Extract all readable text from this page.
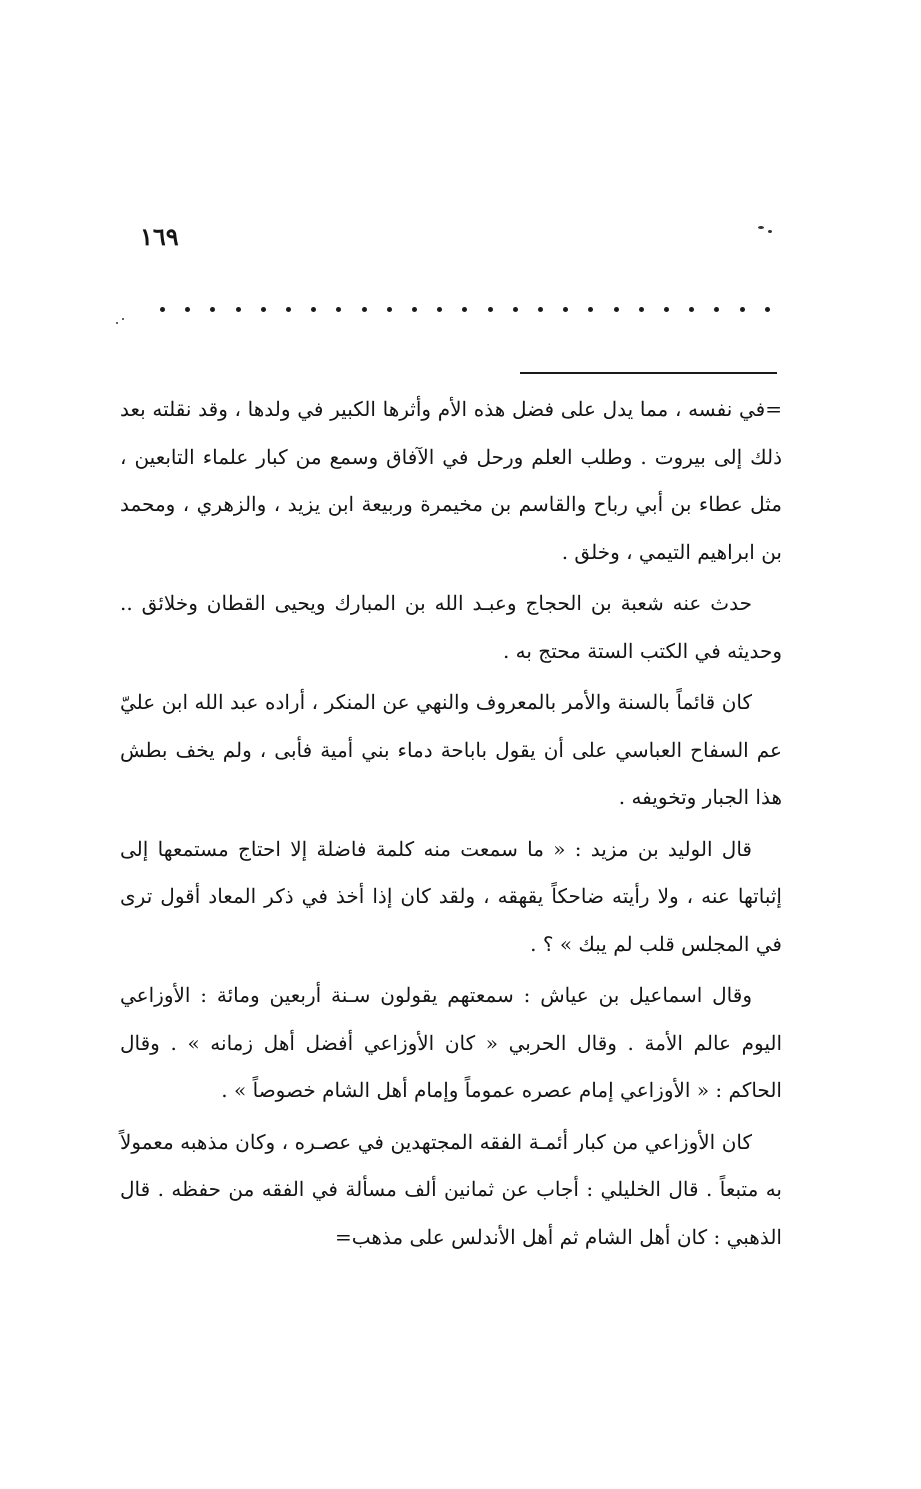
١٦٩

=في نفسه ، مما يدل على فضل هذه الأم وأثرها الكبير في ولدها ، وقد نقلته بعد ذلك إلى بيروت . وطلب العلم ورحل في الآفاق وسمع من كبار علماء التابعين ، مثل عطاء بن أبي رباح والقاسم بن مخيمرة وربيعة ابن يزيد ، والزهري ، ومحمد بن ابراهيم التيمي ، وخلق .

حدث عنه شعبة بن الحجاج وعبـد الله بن المبارك ويحيى القطان وخلائق .. وحديثه في الكتب الستة محتج به .

كان قائماً بالسنة والأمر بالمعروف والنهي عن المنكر ، أراده عبد الله ابن عليّ عم السفاح العباسي على أن يقول باباحة دماء بني أمية فأبى ، ولم يخف بطش هذا الجبار وتخويفه .

قال الوليد بن مزيد : « ما سمعت منه كلمة فاضلة إلا احتاج مستمعها إلى إثباتها عنه ، ولا رأيته ضاحكاً يقهقه ، ولقد كان إذا أخذ في ذكر المعاد أقول ترى في المجلس قلب لم يبك » ؟ .

وقال اسماعيل بن عياش : سمعتهم يقولون سـنة أربعين ومائة : الأوزاعي اليوم عالم الأمة . وقال الحربي « كان الأوزاعي أفضل أهل زمانه » . وقال الحاكم : « الأوزاعي إمام عصره عموماً وإمام أهل الشام خصوصاً » .

كان الأوزاعي من كبار أئمـة الفقه المجتهدين في عصـره ، وكان مذهبه معمولاً به متبعاً . قال الخليلي : أجاب عن ثمانين ألف مسألة في الفقه من حفظه . قال الذهبي : كان أهل الشام ثم أهل الأندلس على مذهب=
